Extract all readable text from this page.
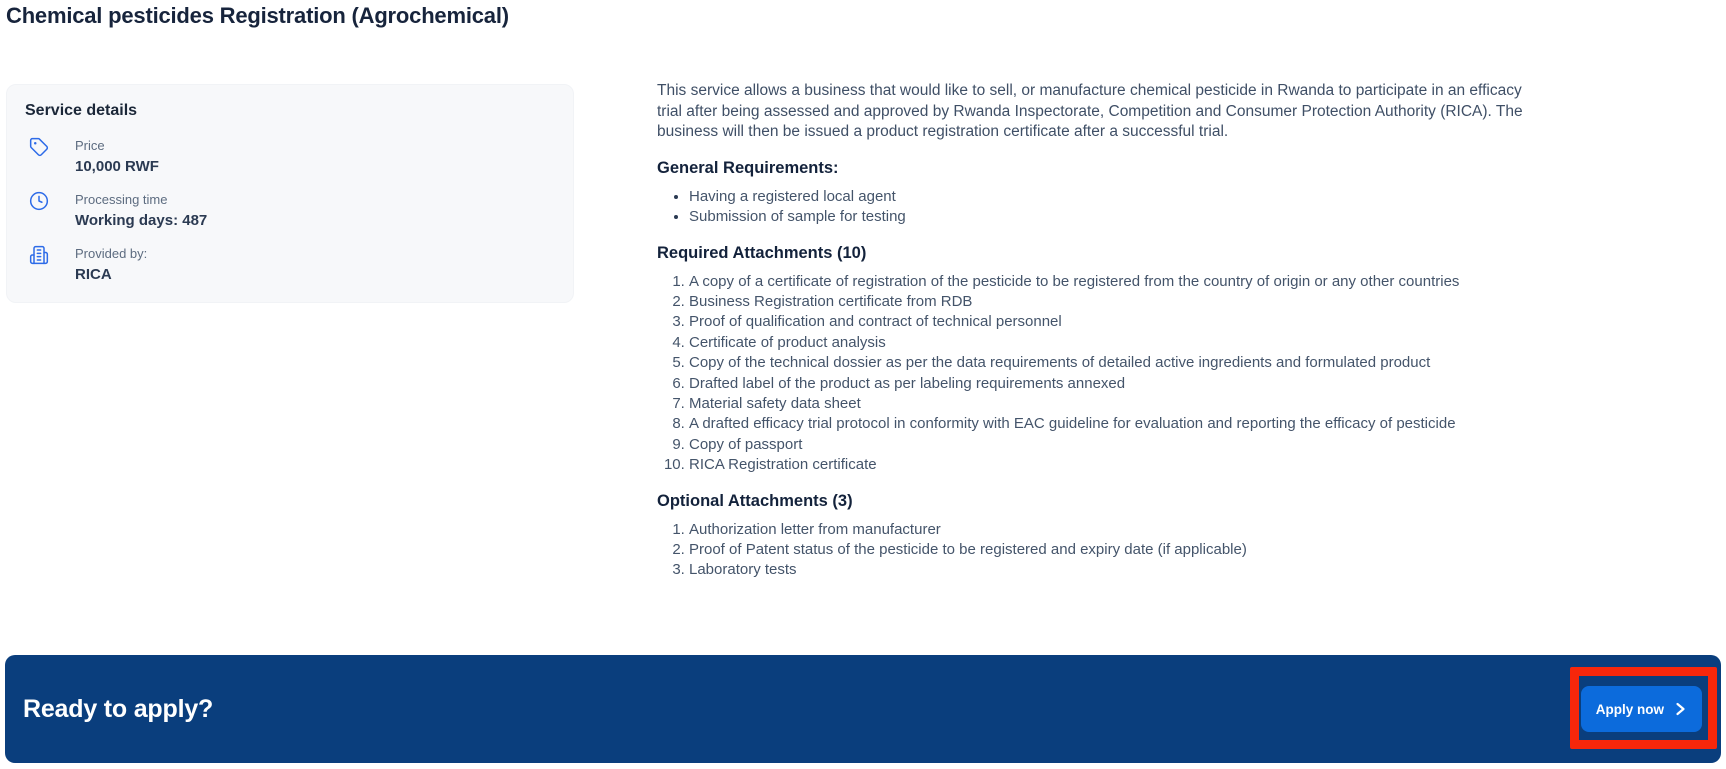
Chemical pesticides Registration (Agrochemical)
Service details
Price
10,000 RWF
Processing time
Working days: 487
Provided by:
RICA

This service allows a business that would like to sell, or manufacture chemical pesticide in Rwanda to participate in an efficacy trial after being assessed and approved by Rwanda Inspectorate, Competition and Consumer Protection Authority (RICA). The business will then be issued a product registration certificate after a successful trial.

General Requirements:
• Having a registered local agent
• Submission of sample for testing
Required Attachments (10)
1. A copy of a certificate of registration of the pesticide to be registered from the country of origin or any other countries
2. Business Registration certificate from RDB
3. Proof of qualification and contract of technical personnel
4. Certificate of product analysis
5. Copy of the technical dossier as per the data requirements of detailed active ingredients and formulated product
6. Drafted label of the product as per labeling requirements annexed
7. Material safety data sheet
8. A drafted efficacy trial protocol in conformity with EAC guideline for evaluation and reporting the efficacy of pesticide
9. Copy of passport
10. RICA Registration certificate
Optional Attachments (3)
1. Authorization letter from manufacturer
2. Proof of Patent status of the pesticide to be registered and expiry date (if applicable)
3. Laboratory tests
Ready to apply?	Apply now
